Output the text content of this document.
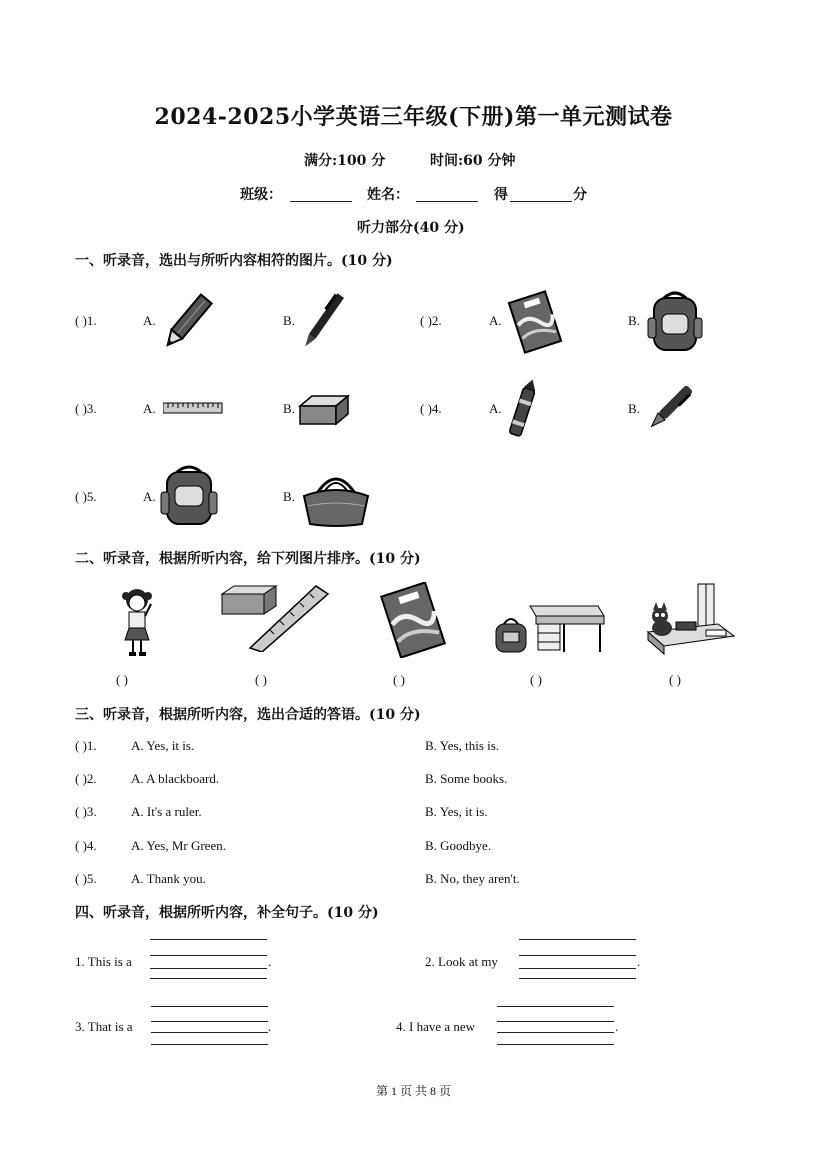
2024-2025小学英语三年级(下册)第一单元测试卷
满分:100 分	时间:60 分钟
班级：	姓名：	得	分
听力部分(40 分)
一、听录音，选出与所听内容相符的图片。(10 分)
( )1.	A.	B.	( )2.	A.	B.
( )3.	A.	B.	( )4.	A.	B.
( )5.	A.	B.
二、听录音，根据所听内容，给下列图片排序。(10 分)
( )	( )	( )	( )	( )
三、听录音，根据所听内容，选出合适的答语。(10 分)
( )1.	A. Yes, it is.	B. Yes, this is.
( )2.	A. A blackboard.	B. Some books.
( )3.	A. It's a ruler.	B. Yes, it is.
( )4.	A. Yes, Mr Green.	B. Goodbye.
( )5.	A. Thank you.	B. No, they aren't.
四、听录音，根据所听内容，补全句子。(10 分)
1. This is a	.	2. Look at my	.
3. That is a	.	4. I have a new	.
第 1 页 共 8 页
